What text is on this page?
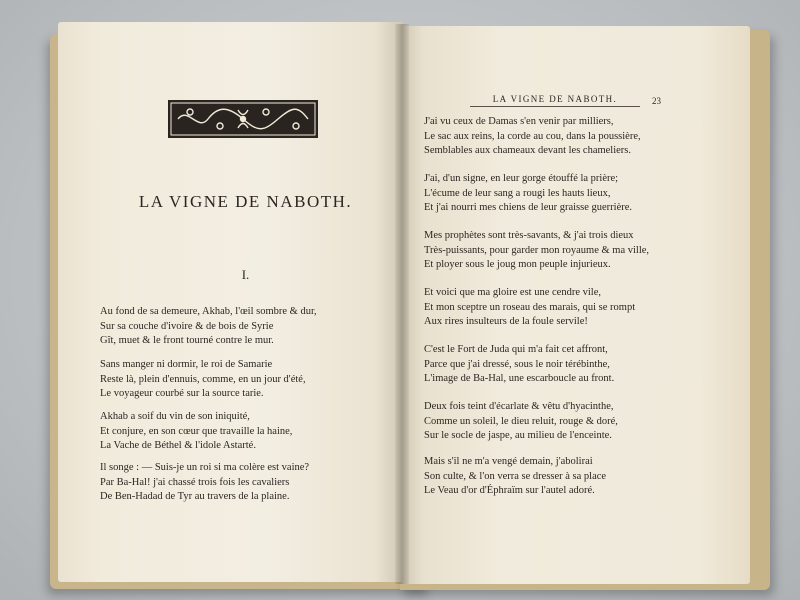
LA VIGNE DE NABOTH.
I.
Au fond de sa demeure, Akhab, l'œil sombre & dur,
Sur sa couche d'ivoire & de bois de Syrie
Gît, muet & le front tourné contre le mur.
Sans manger ni dormir, le roi de Samarie
Reste là, plein d'ennuis, comme, en un jour d'été,
Le voyageur courbé sur la source tarie.
Akhab a soif du vin de son iniquité,
Et conjure, en son cœur que travaille la haine,
La Vache de Béthel & l'idole Astarté.
Il songe : — Suis-je un roi si ma colère est vaine?
Par Ba-Hal! j'ai chassé trois fois les cavaliers
De Ben-Hadad de Tyr au travers de la plaine.
LA VIGNE DE NABOTH.	23
J'ai vu ceux de Damas s'en venir par milliers,
Le sac aux reins, la corde au cou, dans la poussière,
Semblables aux chameaux devant les chameliers.
J'ai, d'un signe, en leur gorge étouffé la prière;
L'écume de leur sang a rougi les hauts lieux,
Et j'ai nourri mes chiens de leur graisse guerrière.
Mes prophètes sont très-savants, & j'ai trois dieux
Très-puissants, pour garder mon royaume & ma ville,
Et ployer sous le joug mon peuple injurieux.
Et voici que ma gloire est une cendre vile,
Et mon sceptre un roseau des marais, qui se rompt
Aux rires insulteurs de la foule servile!
C'est le Fort de Juda qui m'a fait cet affront,
Parce que j'ai dressé, sous le noir térébinthe,
L'image de Ba-Hal, une escarboucle au front.
Deux fois teint d'écarlate & vêtu d'hyacinthe,
Comme un soleil, le dieu reluit, rouge & doré,
Sur le socle de jaspe, au milieu de l'enceinte.
Mais s'il ne m'a vengé demain, j'abolirai
Son culte, & l'on verra se dresser à sa place
Le Veau d'or d'Éphraïm sur l'autel adoré.
